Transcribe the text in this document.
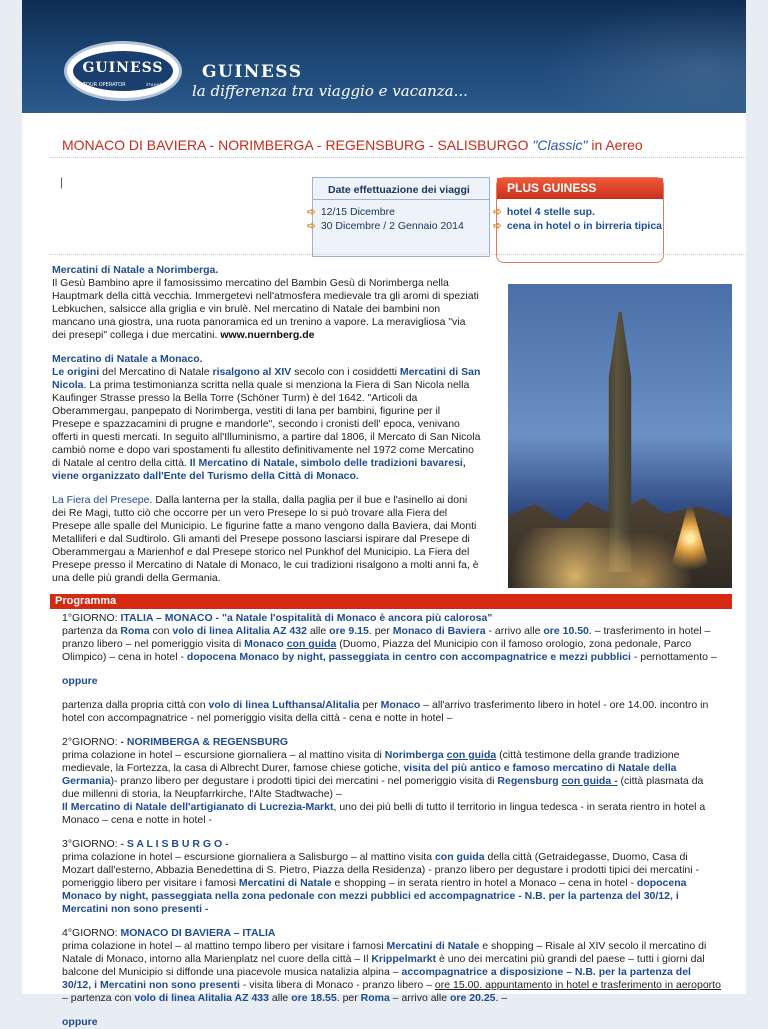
GUINESS
TOUR OPERATOR	travel
GUINESS
la differenza tra viaggio e vacanza...
MONACO DI BAVIERA - NORIMBERGA - REGENSBURG - SALISBURGO "Classic" in Aereo
|
Date effettuazione dei viaggi
➪ 12/15 Dicembre
➪ 30 Dicembre / 2 Gennaio 2014
PLUS GUINESS
➪ hotel 4 stelle sup.
➪ cena in hotel o in birreria tipica

Mercatini di Natale a Norimberga.
Il Gesù Bambino apre il famosissimo mercatino del Bambin Gesù di Norimberga nella Hauptmark della città vecchia. Immergetevi nell'atmosfera medievale tra gli aromi di speziati Lebkuchen, salsicce alla griglia e vin brulè. Nel mercatino di Natale dei bambini non mancano una giostra, una ruota panoramica ed un trenino a vapore. La meravigliosa "via dei presepi" collega i due mercatini. www.nuernberg.de

Mercatino di Natale a Monaco.
Le origini del Mercatino di Natale risalgono al XIV secolo con i cosiddetti Mercatini di San Nicola. La prima testimonianza scritta nella quale si menziona la Fiera di San Nicola nella Kaufinger Strasse presso la Bella Torre (Schöner Turm) è del 1642. "Articoli da Oberammergau, panpepato di Norimberga, vestiti di lana per bambini, figurine per il Presepe e spazzacamini di prugne e mandorle", secondo i cronisti dell' epoca, venivano offerti in questi mercati. In seguito all'Illuminismo, a partire dal 1806, il Mercato di San Nicola cambiò nome e dopo vari spostamenti fu allestito definitivamente nel 1972 come Mercatino di Natale al centro della città. Il Mercatino di Natale, simbolo delle tradizioni bavaresi, viene organizzato dall'Ente del Turismo della Città di Monaco.

La Fiera del Presepe. Dalla lanterna per la stalla, dalla paglia per il bue e l'asinello ai doni dei Re Magi, tutto ciò che occorre per un vero Presepe lo si può trovare alla Fiera del Presepe alle spalle del Municipio. Le figurine fatte a mano vengono dalla Baviera, dai Monti Metalliferi e dal Sudtirolo. Gli amanti del Presepe possono lasciarsi ispirare dal Presepe di Oberammergau a Marienhof e dal Presepe storico nel Punkhof del Municipio. La Fiera del Presepe presso il Mercatino di Natale di Monaco, le cui tradizioni risalgono a molti anni fa, è una delle più grandi della Germania.

Programma

1°GIORNO: ITALIA – MONACO - "a Natale l'ospitalità di Monaco è ancora più calorosa"
partenza da Roma con volo di linea Alitalia AZ 432 alle ore 9.15. per Monaco di Baviera - arrivo alle ore 10.50. – trasferimento in hotel – pranzo libero – nel pomeriggio visita di Monaco con guida (Duomo, Piazza del Municipio con il famoso orologio, zona pedonale, Parco Olimpico) – cena in hotel - dopocena Monaco by night, passeggiata in centro con accompagnatrice e mezzi pubblici - pernottamento –

oppure

partenza dalla propria città con volo di linea Lufthansa/Alitalia per Monaco – all'arrivo trasferimento libero in hotel - ore 14.00. incontro in hotel con accompagnatrice - nel pomeriggio visita della città - cena e notte in hotel –

2°GIORNO: - NORIMBERGA & REGENSBURG
prima colazione in hotel – escursione giornaliera – al mattino visita di Norimberga con guida (città testimone della grande tradizione medievale, la Fortezza, la casa di Albrecht Durer, famose chiese gotiche, visita del più antico e famoso mercatino di Natale della Germania)- pranzo libero per degustare i prodotti tipici dei mercatini - nel pomeriggio visita di Regensburg con guida - (città plasmata da due millenni di storia, la Neupfarrkirche, l'Alte Stadtwache) –
Il Mercatino di Natale dell'artigianato di Lucrezia-Markt, uno dei più belli di tutto il territorio in lingua tedesca - in serata rientro in hotel a Monaco – cena e notte in hotel -

3°GIORNO: - S A L I S B U R G O -
prima colazione in hotel – escursione giornaliera a Salisburgo – al mattino visita con guida della città (Getraidegasse, Duomo, Casa di Mozart dall'esterno, Abbazia Benedettina di S. Pietro, Piazza della Residenza) - pranzo libero per degustare i prodotti tipici dei mercatini - pomeriggio libero per visitare i famosi Mercatini di Natale e shopping – in serata rientro in hotel a Monaco – cena in hotel - dopocena Monaco by night, passeggiata nella zona pedonale con mezzi pubblici ed accompagnatrice - N.B. per la partenza del 30/12, i Mercatini non sono presenti -

4°GIORNO: MONACO DI BAVIERA – ITALIA
prima colazione in hotel – al mattino tempo libero per visitare i famosi Mercatini di Natale e shopping – Risale al XIV secolo il mercatino di Natale di Monaco, intorno alla Marienplatz nel cuore della città – Il Krippelmarkt è uno dei mercatini più grandi del paese – tutti i giorni dal balcone del Municipio si diffonde una piacevole musica natalizia alpina – accompagnatrice a disposizione – N.B. per la partenza del 30/12, i Mercatini non sono presenti - visita libera di Monaco - pranzo libero – ore 15.00. appuntamento in hotel e trasferimento in aeroporto – partenza con volo di linea Alitalia AZ 433 alle ore 18.55. per Roma – arrivo alle ore 20.25. –

oppure
